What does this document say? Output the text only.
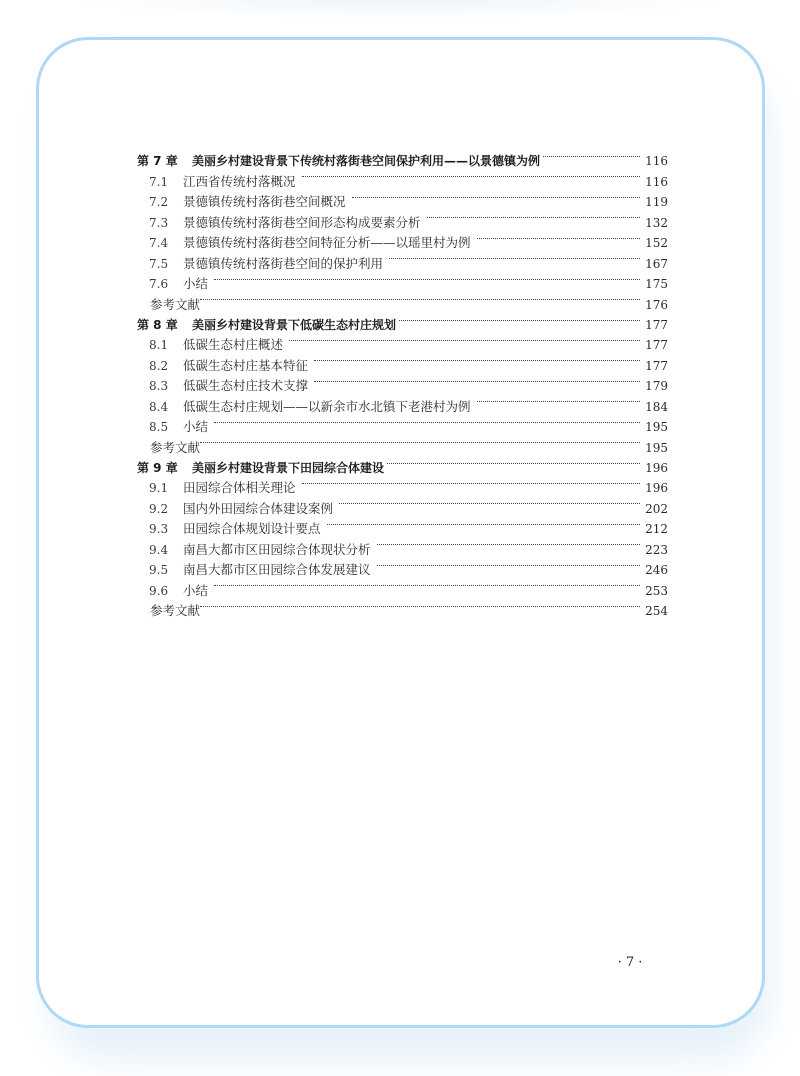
第 7 章	美丽乡村建设背景下传统村落街巷空间保护利用——以景德镇为例	116
7.1	江西省传统村落概况	116
7.2	景德镇传统村落街巷空间概况	119
7.3	景德镇传统村落街巷空间形态构成要素分析	132
7.4	景德镇传统村落街巷空间特征分析——以瑶里村为例	152
7.5	景德镇传统村落街巷空间的保护利用	167
7.6	小结	175
参考文献	176
第 8 章	美丽乡村建设背景下低碳生态村庄规划	177
8.1	低碳生态村庄概述	177
8.2	低碳生态村庄基本特征	177
8.3	低碳生态村庄技术支撑	179
8.4	低碳生态村庄规划——以新余市水北镇下老港村为例	184
8.5	小结	195
参考文献	195
第 9 章	美丽乡村建设背景下田园综合体建设	196
9.1	田园综合体相关理论	196
9.2	国内外田园综合体建设案例	202
9.3	田园综合体规划设计要点	212
9.4	南昌大都市区田园综合体现状分析	223
9.5	南昌大都市区田园综合体发展建议	246
9.6	小结	253
参考文献	254
· 7 ·
